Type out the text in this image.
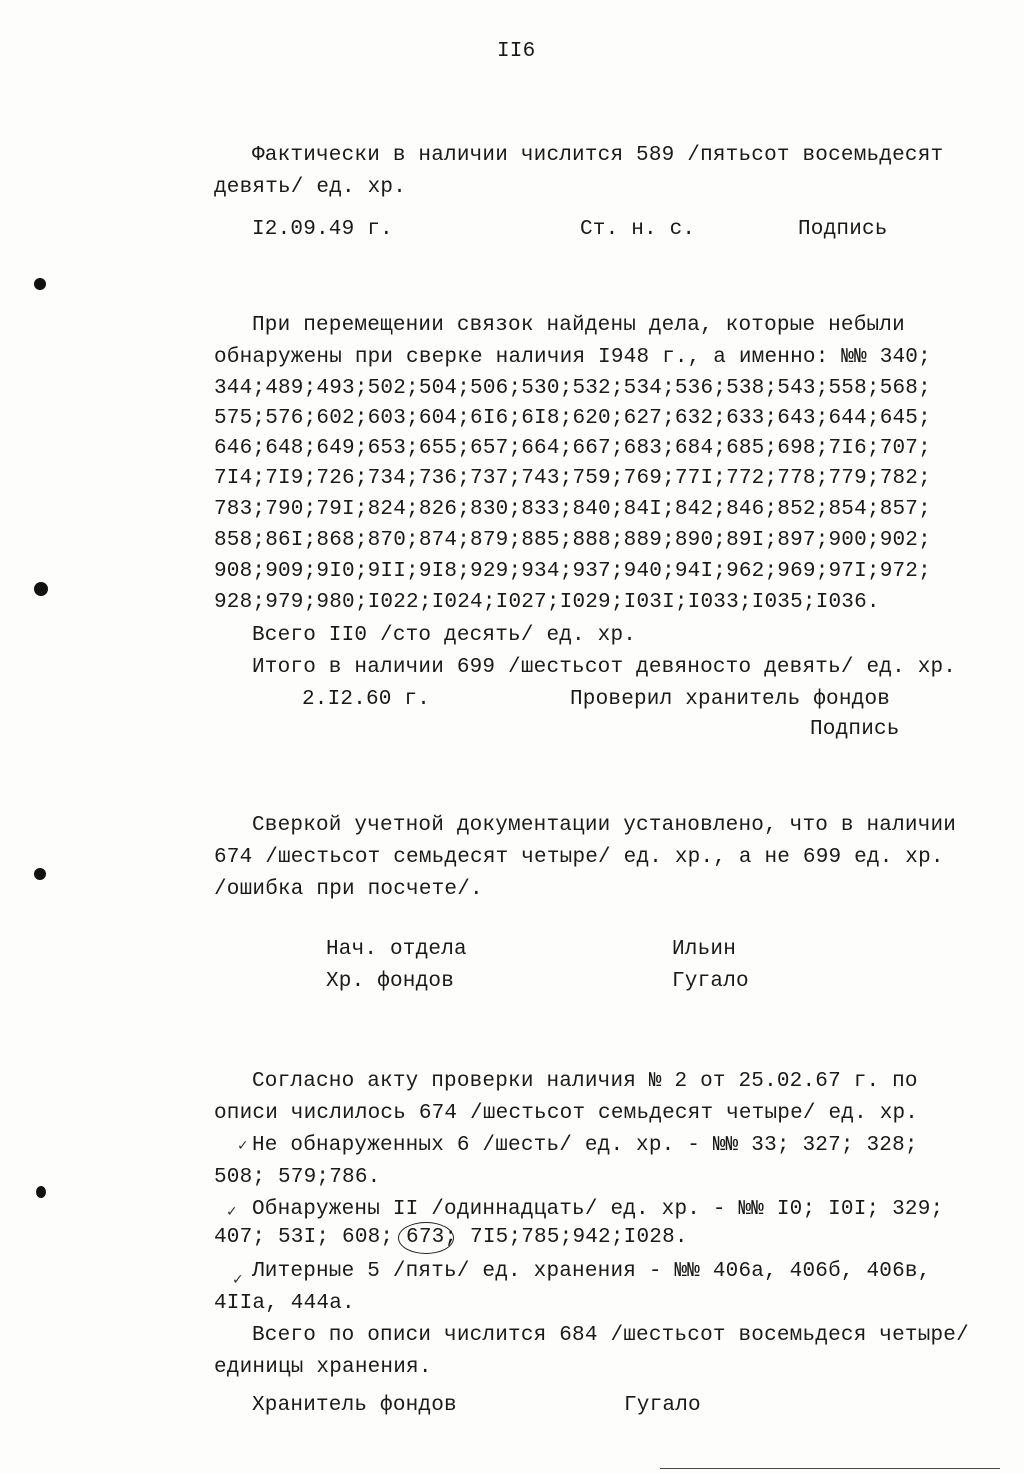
II6
Фактически в наличии числится 589 /пятьсот восемьдесят
девять/ ед. хр.
I2.09.49 г.	Ст. н. с.	Подпись
При перемещении связок найдены дела, которые небыли
обнаружены при сверке наличия I948 г., а именно: №№ 340;
344;489;493;502;504;506;530;532;534;536;538;543;558;568;
575;576;602;603;604;6I6;6I8;620;627;632;633;643;644;645;
646;648;649;653;655;657;664;667;683;684;685;698;7I6;707;
7I4;7I9;726;734;736;737;743;759;769;77I;772;778;779;782;
783;790;79I;824;826;830;833;840;84I;842;846;852;854;857;
858;86I;868;870;874;879;885;888;889;890;89I;897;900;902;
908;909;9I0;9II;9I8;929;934;937;940;94I;962;969;97I;972;
928;979;980;I022;I024;I027;I029;I03I;I033;I035;I036.
Всего II0 /сто десять/ ед. хр.
Итого в наличии 699 /шестьсот девяносто девять/ ед. хр.
2.I2.60 г.	Проверил хранитель фондов
Подпись
Сверкой учетной документации установлено, что в наличии
674 /шестьсот семьдесят четыре/ ед. хр., а не 699 ед. хр.
/ошибка при посчете/.
Нач. отдела	Ильин
Хр. фондов	Гугало
Согласно акту проверки наличия № 2 от 25.02.67 г. по
описи числилось 674 /шестьсот семьдесят четыре/ ед. хр.
Не обнаруженных 6 /шесть/ ед. хр. - №№ 33; 327; 328;
508; 579;786.
Обнаружены II /одиннадцать/ ед. хр. - №№ I0; I0I; 329;
407; 53I; 608; 673; 7I5;785;942;I028.
Литерные 5 /пять/ ед. хранения - №№ 406а, 406б, 406в,
4IIа, 444а.
Всего по описи числится 684 /шестьсот восемьдеся четыре/
единицы хранения.
Хранитель фондов	Гугало
✓
✓
✓
